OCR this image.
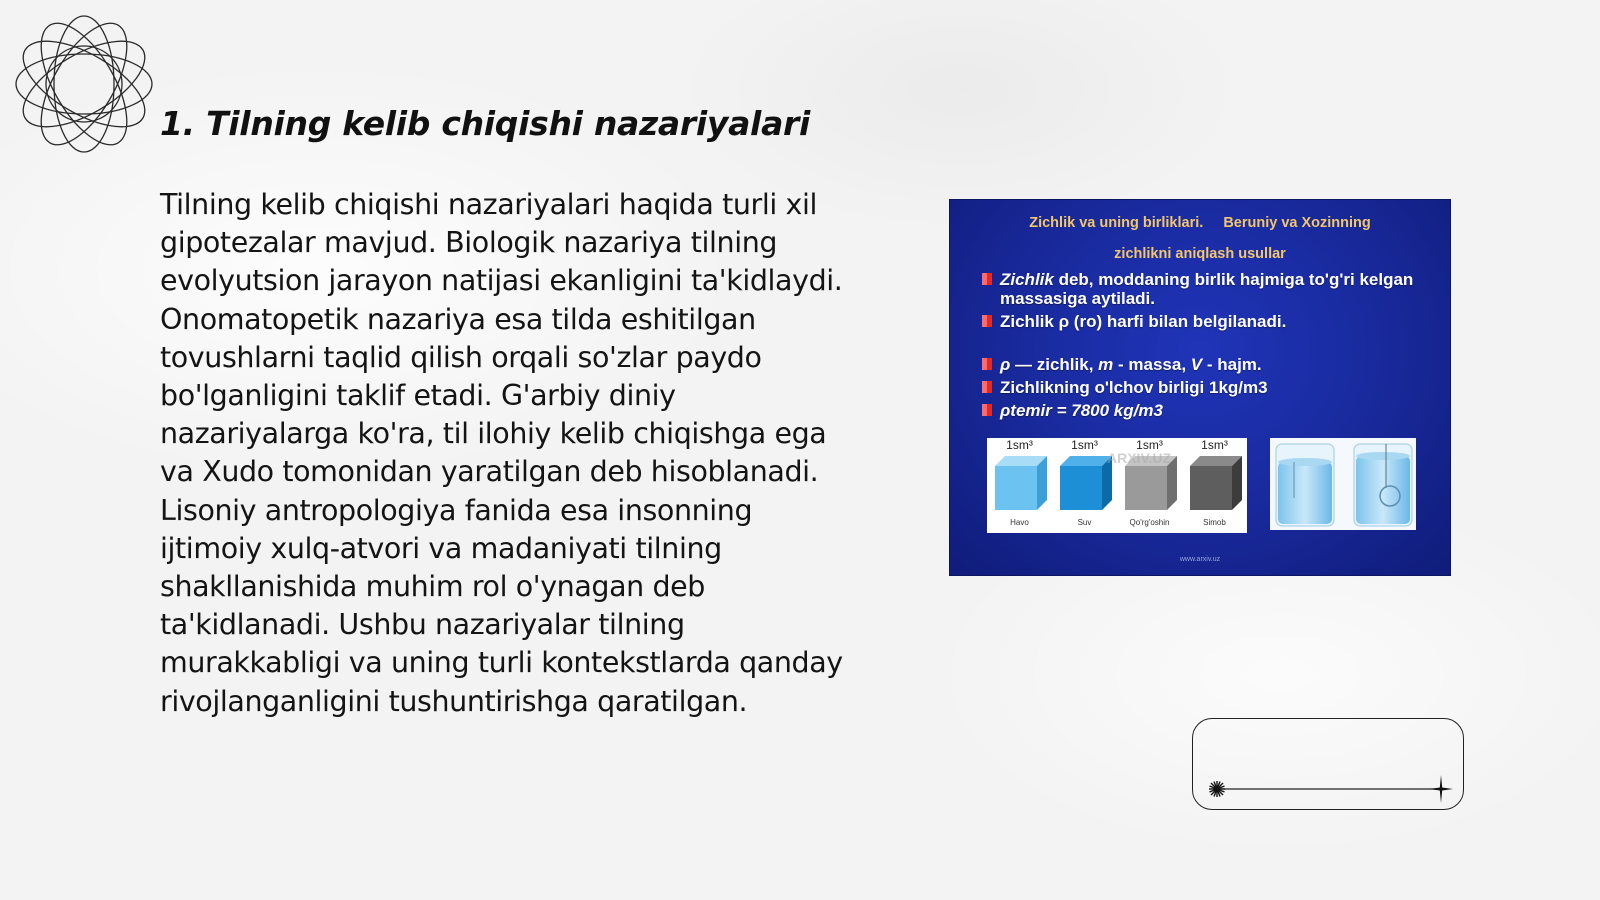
1. Tilning kelib chiqishi nazariyalari

Tilning kelib chiqishi nazariyalari haqida turli xil gipotezalar mavjud. Biologik nazariya tilning evolyutsion jarayon natijasi ekanligini ta'kidlaydi. Onomatopetik nazariya esa tilda eshitilgan tovushlarni taqlid qilish orqali so'zlar paydo bo'lganligini taklif etadi. G'arbiy diniy nazariyalarga ko'ra, til ilohiy kelib chiqishga ega va Xudo tomonidan yaratilgan deb hisoblanadi. Lisoniy antropologiya fanida esa insonning ijtimoiy xulq-atvori va madaniyati tilning shakllanishida muhim rol o'ynagan deb ta'kidlanadi. Ushbu nazariyalar tilning murakkabligi va uning turli kontekstlarda qanday rivojlanganligini tushuntirishga qaratilgan.

Zichlik va uning birliklari. Beruniy va Xozinning
zichlikni aniqlash usullar
Zichlik deb, moddaning birlik hajmiga to'g'ri kelgan massasiga aytiladi.
Zichlik ρ (ro) harfi bilan belgilanadi.
ρ — zichlik, m - massa, V - hajm.
Zichlikning o'lchov birligi 1kg/m3
ρtemir = 7800 kg/m3
1sm³
Havo
1sm³
Suv
1sm³
Qo'rg'oshin
1sm³
Simob
ARXIV.UZ
www.arxiv.uz
